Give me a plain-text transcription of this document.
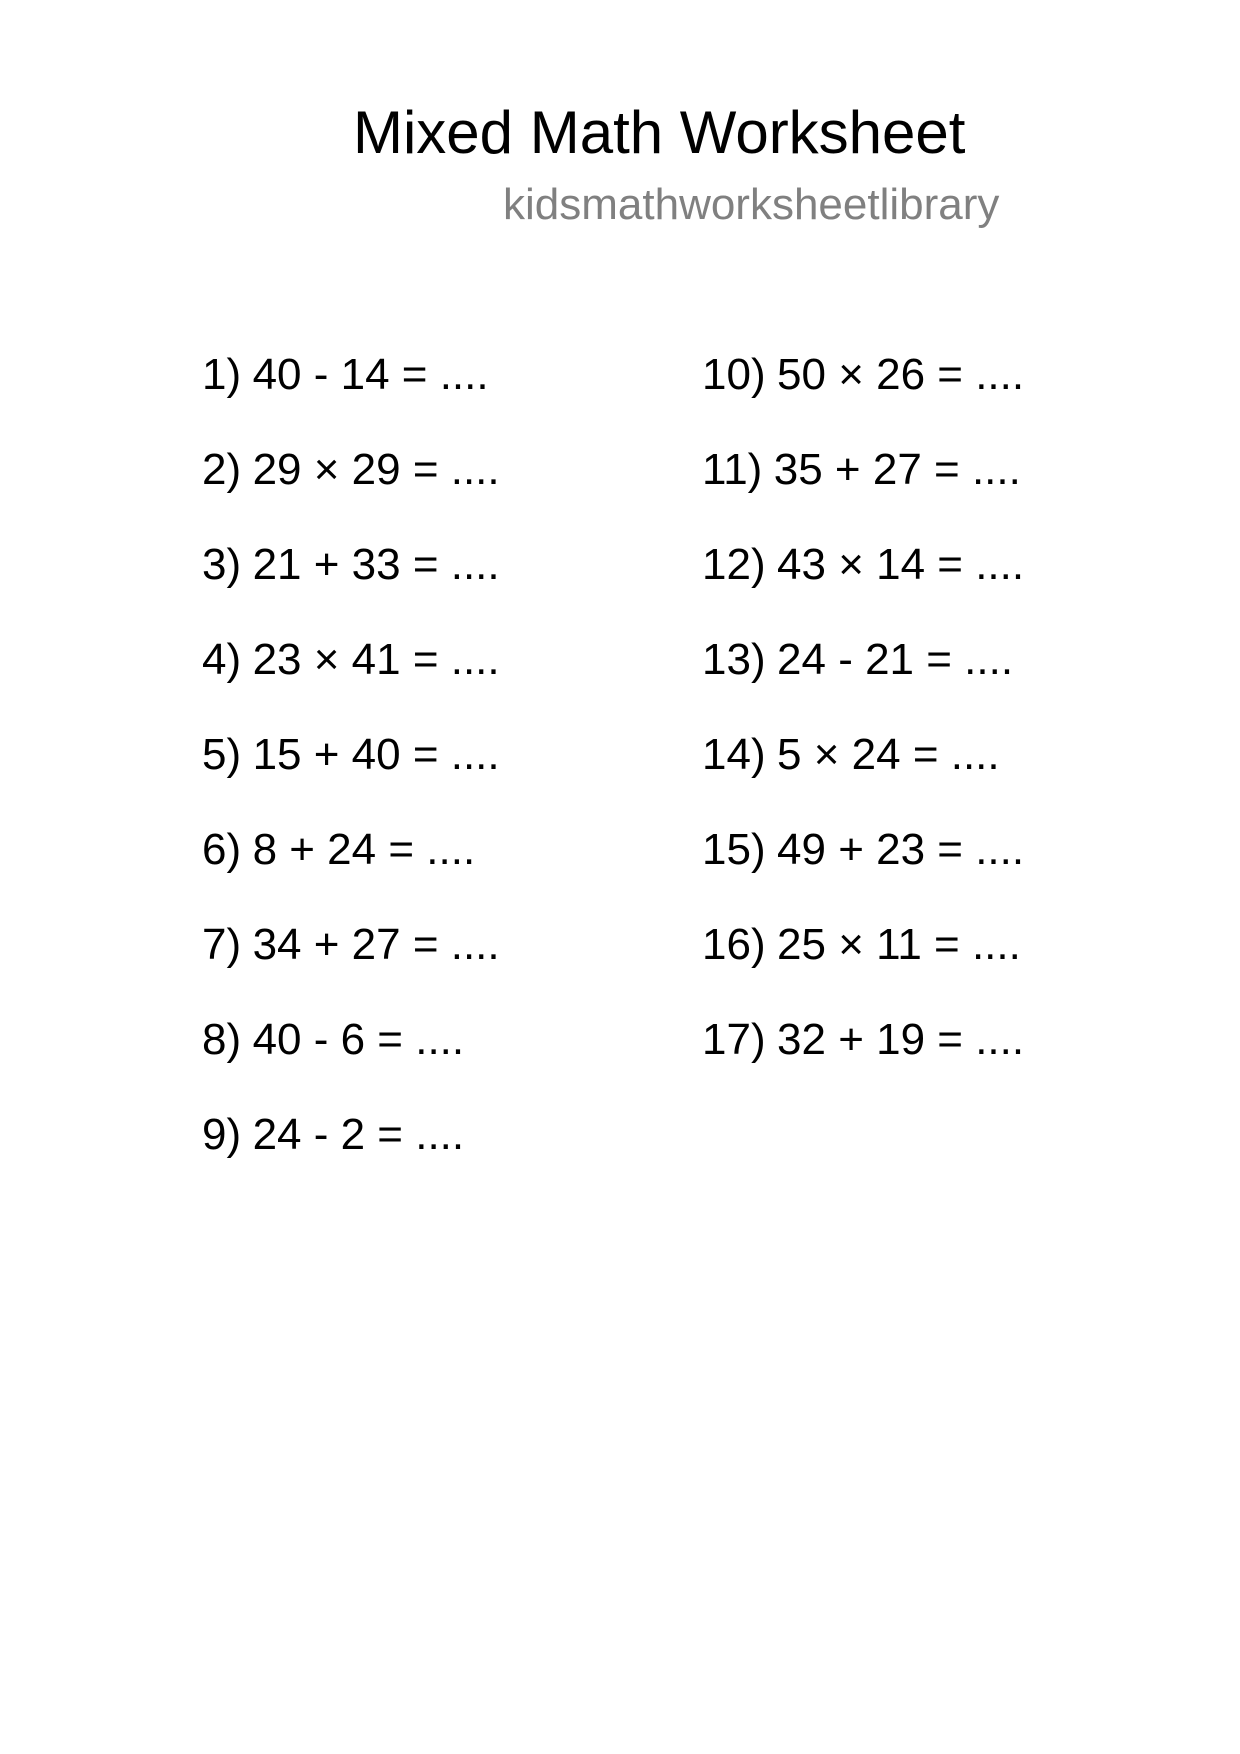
Mixed Math Worksheet
kidsmathworksheetlibrary
1) 40 - 14 = ....
2) 29 × 29 = ....
3) 21 + 33 = ....
4) 23 × 41 = ....
5) 15 + 40 = ....
6) 8 + 24 = ....
7) 34 + 27 = ....
8) 40 - 6 = ....
9) 24 - 2 = ....
10) 50 × 26 = ....
11) 35 + 27 = ....
12) 43 × 14 = ....
13) 24 - 21 = ....
14) 5 × 24 = ....
15) 49 + 23 = ....
16) 25 × 11 = ....
17) 32 + 19 = ....
